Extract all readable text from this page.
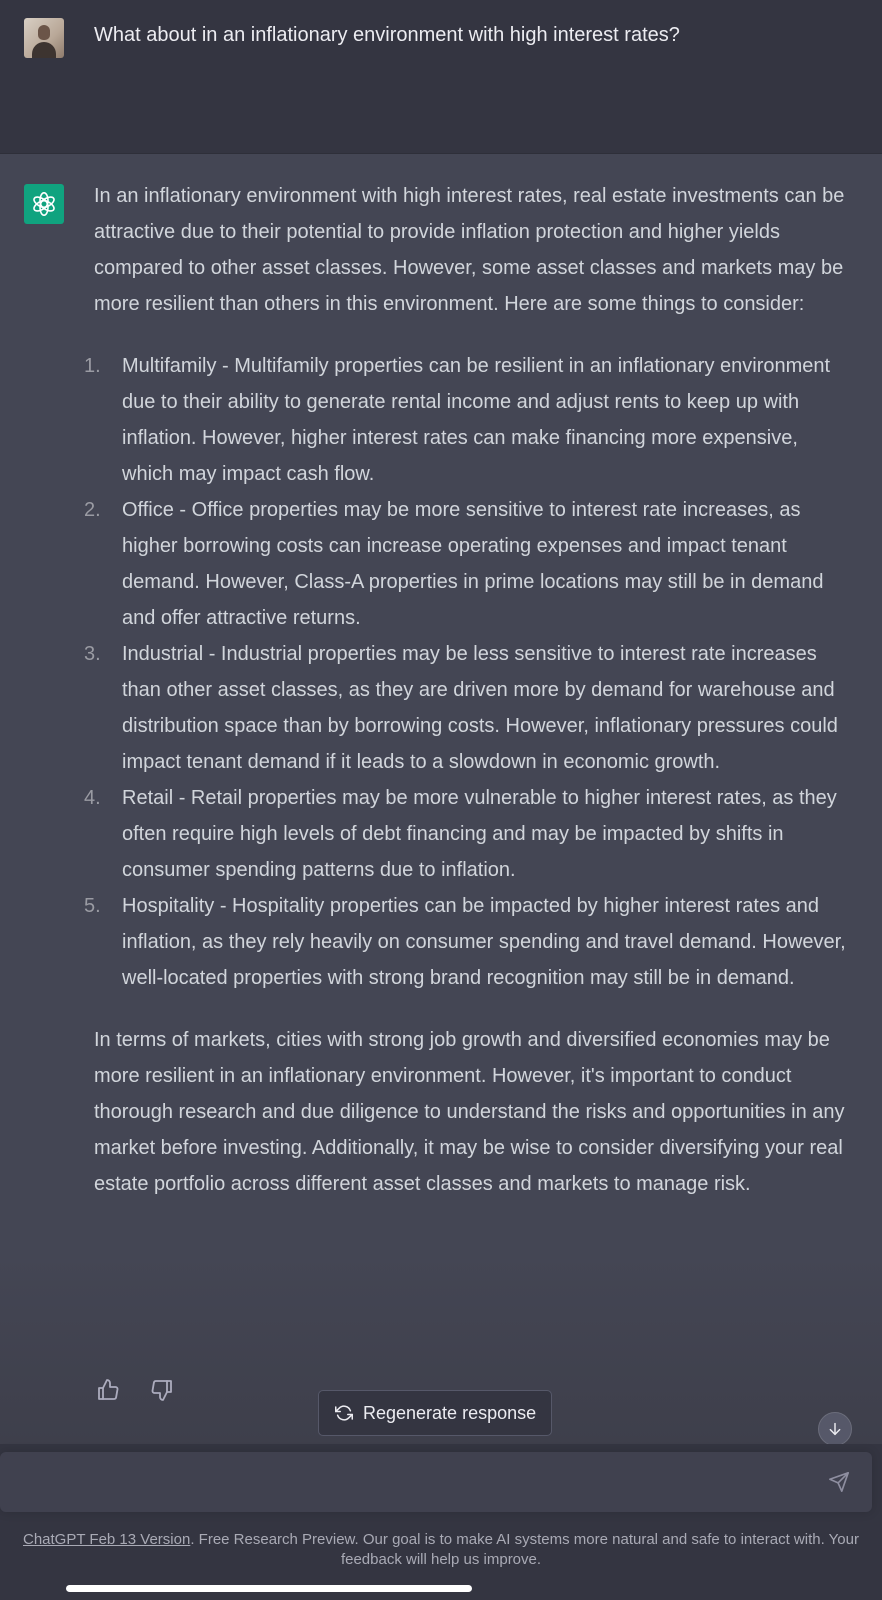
What about in an inflationary environment with high interest rates?

In an inflationary environment with high interest rates, real estate investments can be attractive due to their potential to provide inflation protection and higher yields compared to other asset classes. However, some asset classes and markets may be more resilient than others in this environment. Here are some things to consider:

1. Multifamily - Multifamily properties can be resilient in an inflationary environment due to their ability to generate rental income and adjust rents to keep up with inflation. However, higher interest rates can make financing more expensive, which may impact cash flow.
2. Office - Office properties may be more sensitive to interest rate increases, as higher borrowing costs can increase operating expenses and impact tenant demand. However, Class-A properties in prime locations may still be in demand and offer attractive returns.
3. Industrial - Industrial properties may be less sensitive to interest rate increases than other asset classes, as they are driven more by demand for warehouse and distribution space than by borrowing costs. However, inflationary pressures could impact tenant demand if it leads to a slowdown in economic growth.
4. Retail - Retail properties may be more vulnerable to higher interest rates, as they often require high levels of debt financing and may be impacted by shifts in consumer spending patterns due to inflation.
5. Hospitality - Hospitality properties can be impacted by higher interest rates and inflation, as they rely heavily on consumer spending and travel demand. However, well-located properties with strong brand recognition may still be in demand.

In terms of markets, cities with strong job growth and diversified economies may be more resilient in an inflationary environment. However, it's important to conduct thorough research and due diligence to understand the risks and opportunities in any market before investing. Additionally, it may be wise to consider diversifying your real estate portfolio across different asset classes and markets to manage risk.

Regenerate response
ChatGPT Feb 13 Version. Free Research Preview. Our goal is to make AI systems more natural and safe to interact with. Your feedback will help us improve.
